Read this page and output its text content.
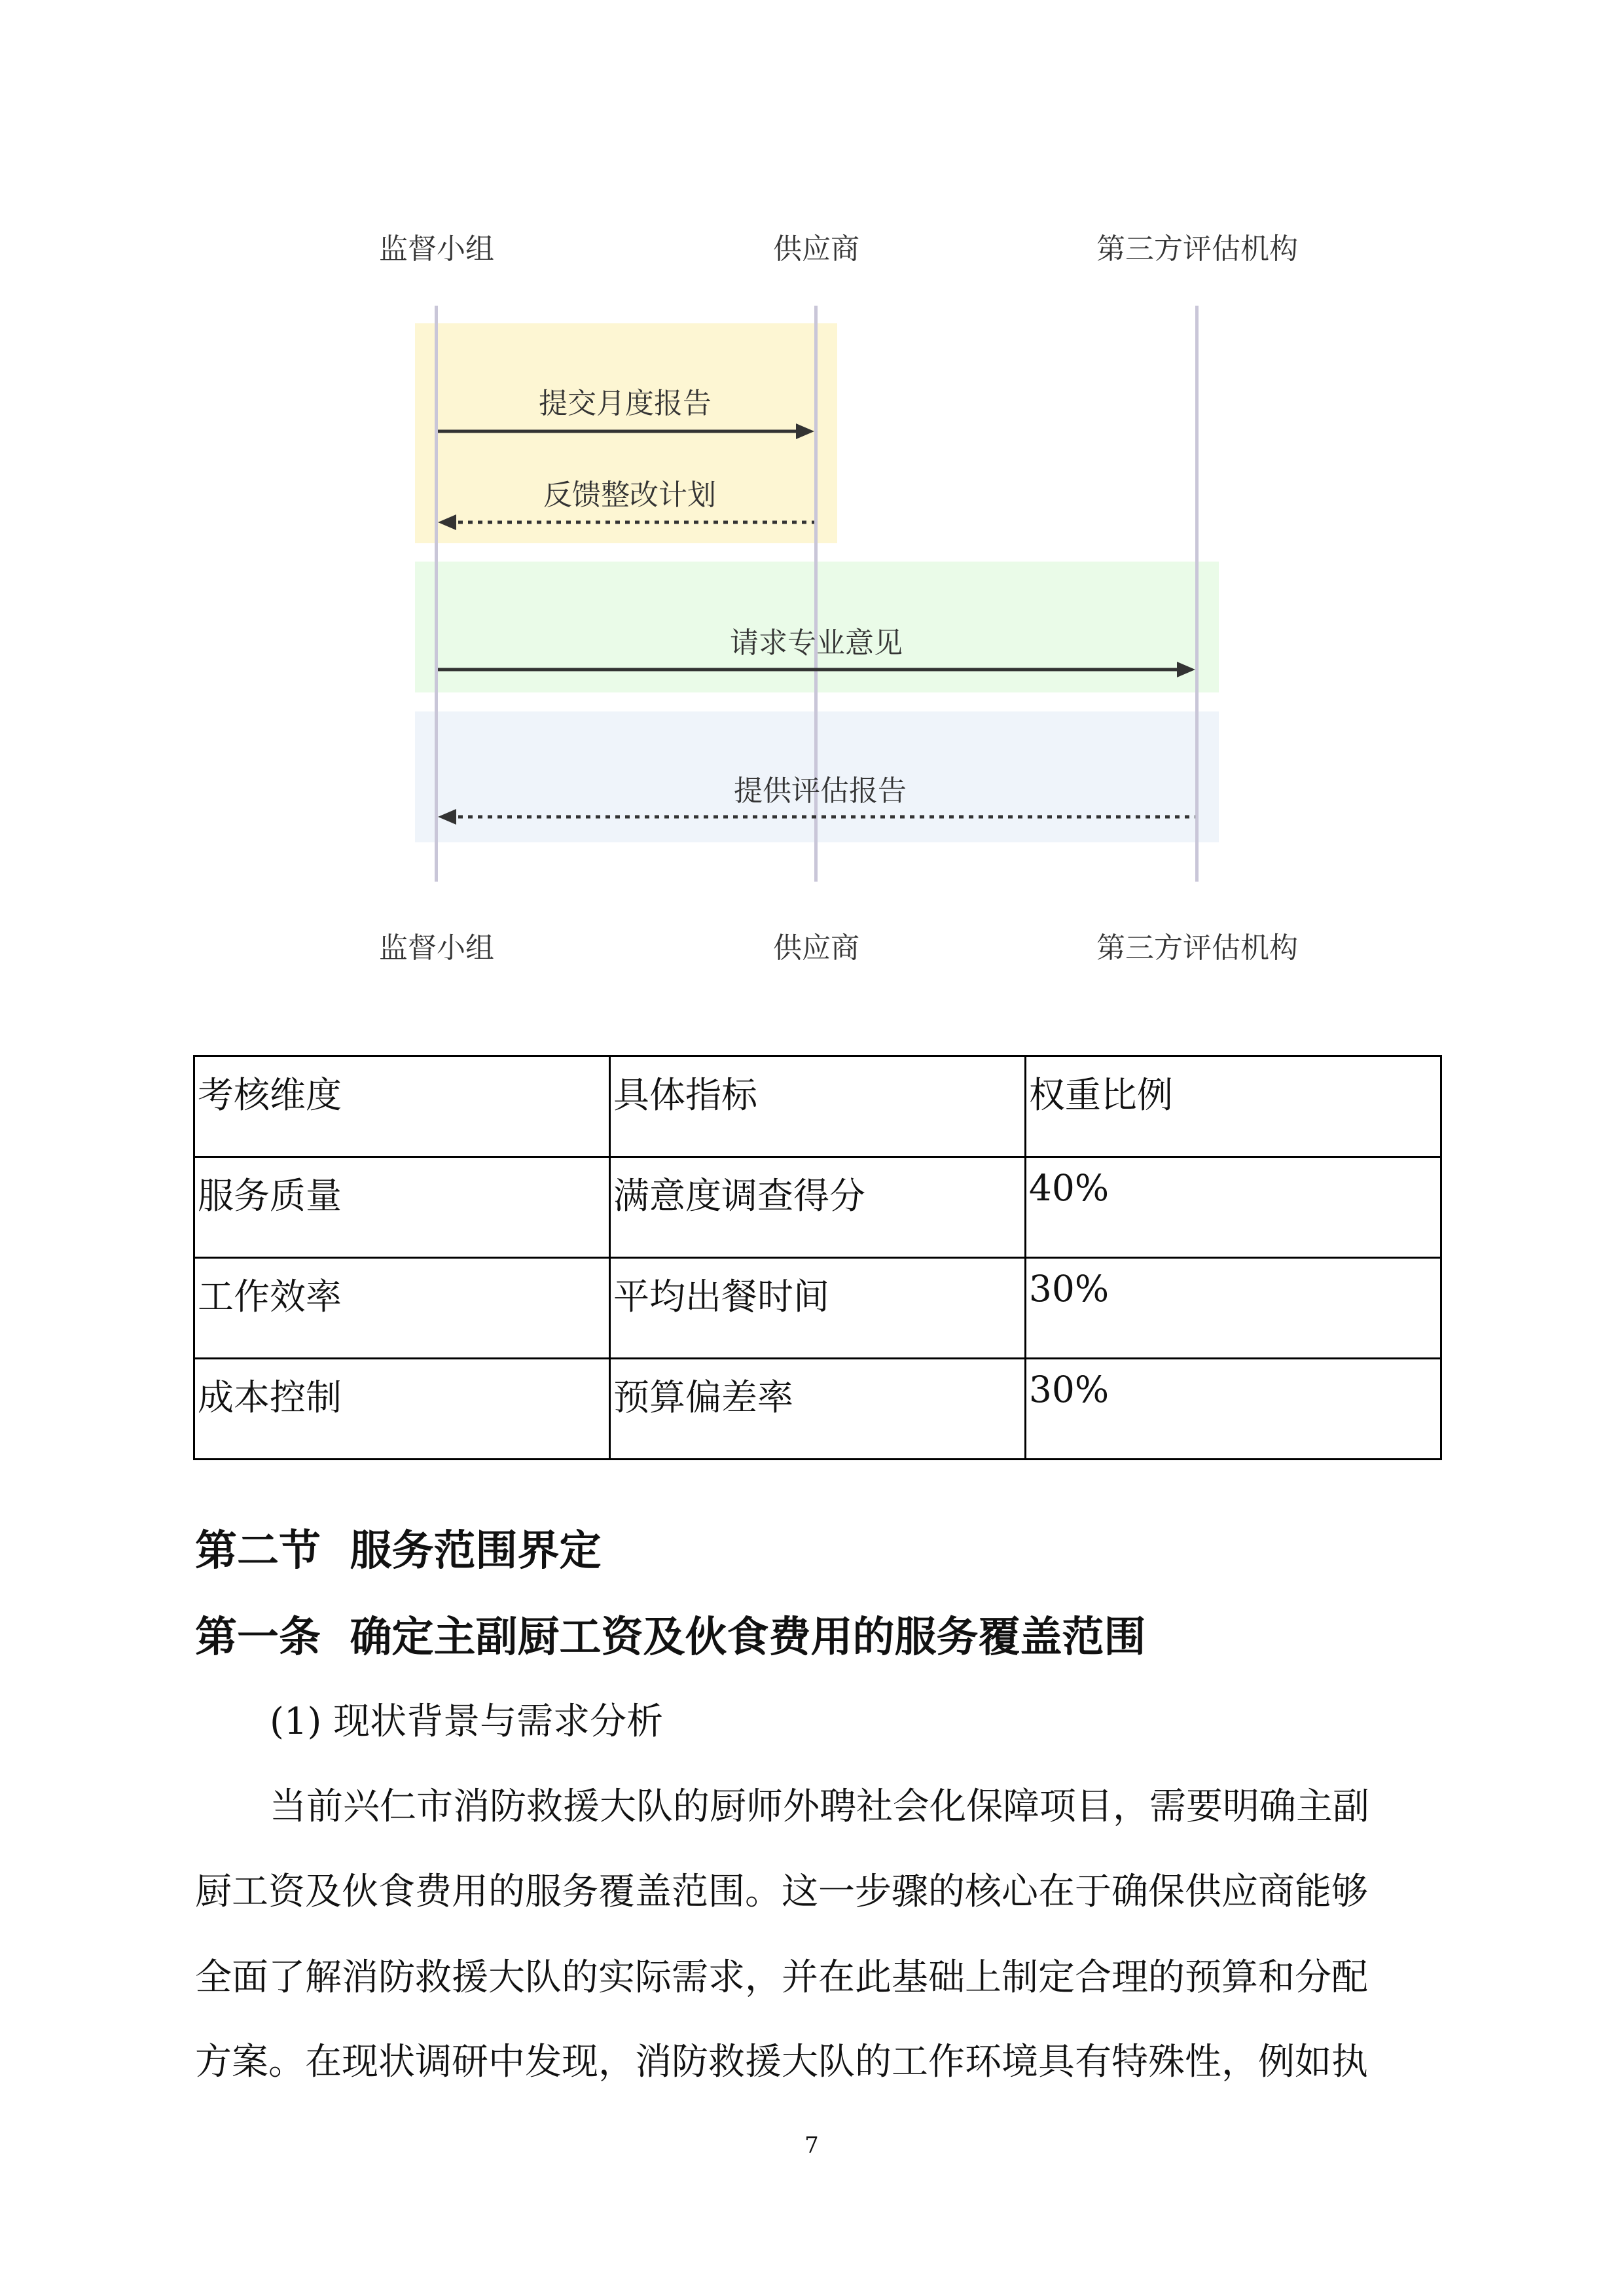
监督小组	供应商	第三方评估机构
监督小组	供应商	第三方评估机构
提交月度报告
反馈整改计划
请求专业意见
提供评估报告
考核维度	具体指标	权重比例
服务质量	满意度调查得分	40%
工作效率	平均出餐时间	30%
成本控制	预算偏差率	30%
第二节  服务范围界定
第一条  确定主副厨工资及伙食费用的服务覆盖范围
(1) 现状背景与需求分析
当前兴仁市消防救援大队的厨师外聘社会化保障项目，需要明确主副
厨工资及伙食费用的服务覆盖范围。这一步骤的核心在于确保供应商能够
全面了解消防救援大队的实际需求，并在此基础上制定合理的预算和分配
方案。在现状调研中发现，消防救援大队的工作环境具有特殊性，例如执
7
